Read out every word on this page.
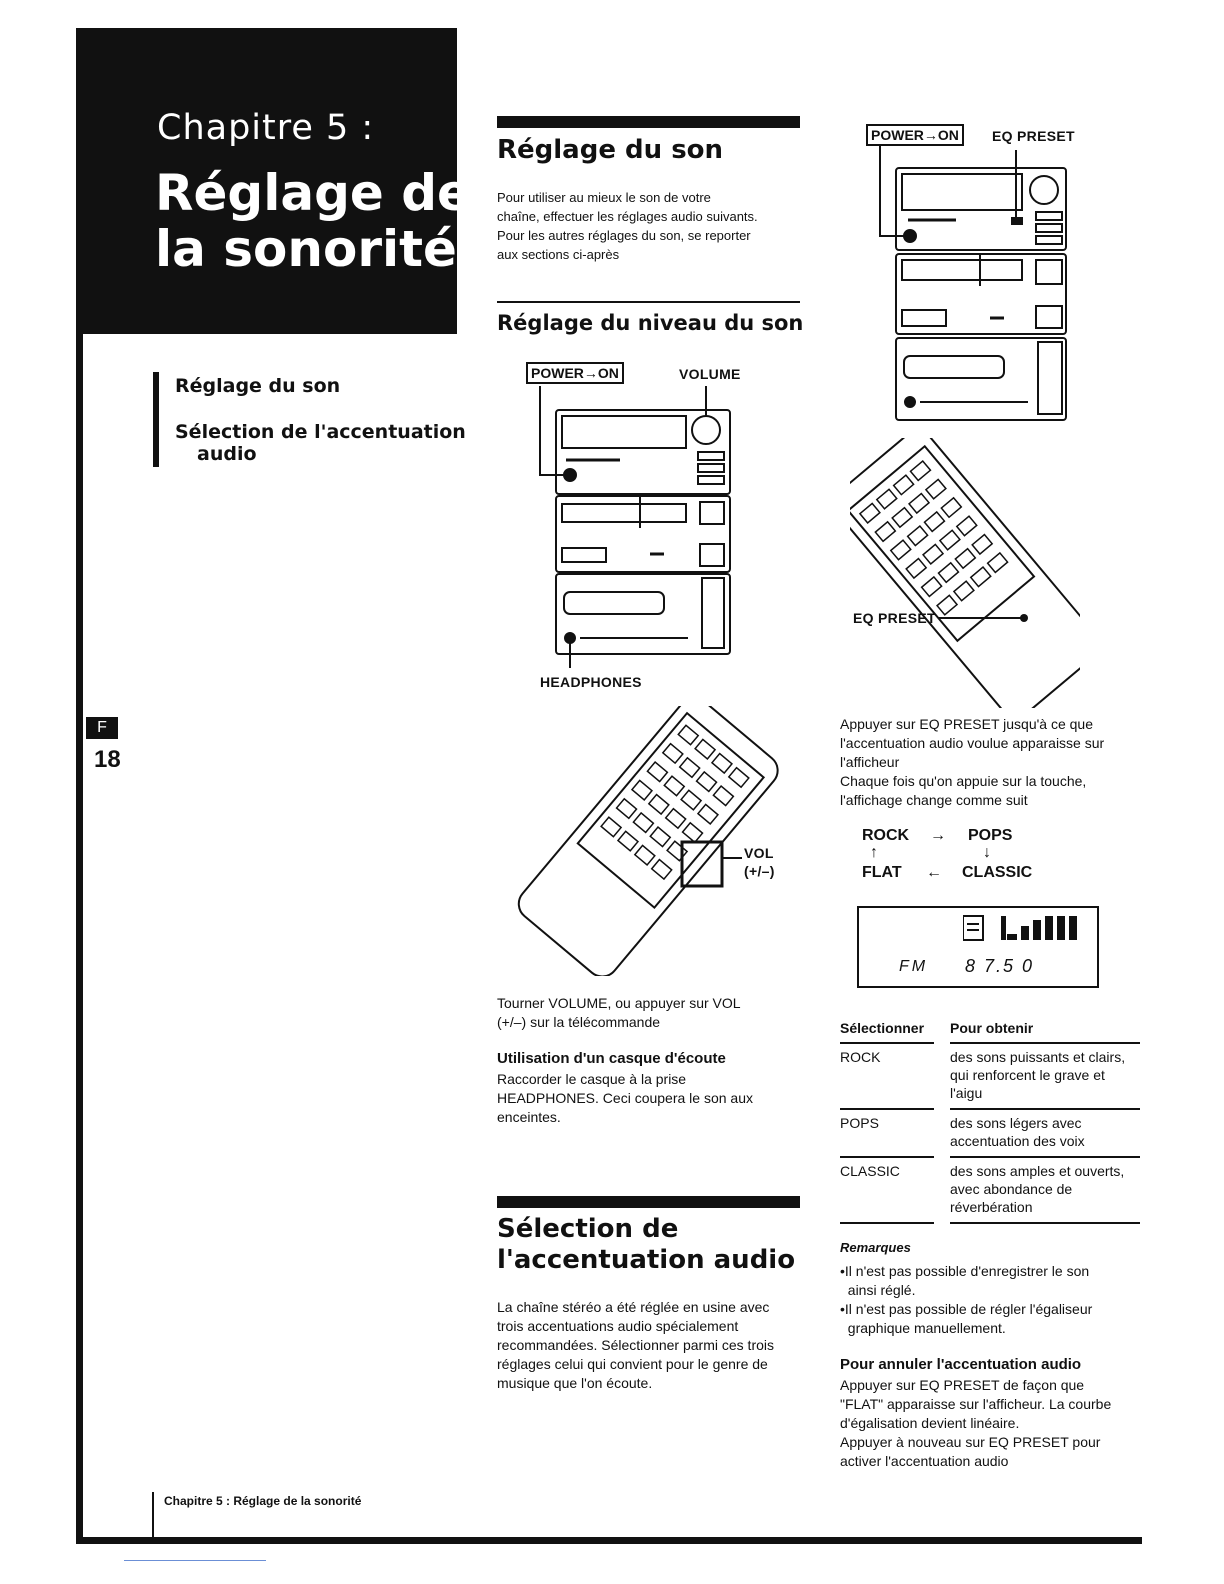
Chapitre 5 :
Réglage de
la sonorité
Réglage du son
Sélection de l'accentuation
audio
F
18
Chapitre 5 : Réglage de la sonorité
Réglage du son
Pour utiliser au mieux le son de votre
chaîne, effectuer les réglages audio suivants.
Pour les autres réglages du son, se reporter
aux sections ci-après
Réglage du niveau du son
POWER→ON	VOLUME
HEADPHONES
VOL
(+/–)
Tourner VOLUME, ou appuyer sur VOL
(+/–) sur la télécommande
Utilisation d'un casque d'écoute
Raccorder le casque à la prise
HEADPHONES. Ceci coupera le son aux
enceintes.
Sélection de
l'accentuation audio
La chaîne stéréo a été réglée en usine avec
trois accentuations audio spécialement
recommandées. Sélectionner parmi ces trois
réglages celui qui convient pour le genre de
musique que l'on écoute.
POWER→ON	EQ PRESET
EQ PRESET
Appuyer sur EQ PRESET jusqu'à ce que
l'accentuation audio voulue apparaisse sur
l'afficheur
Chaque fois qu'on appuie sur la touche,
l'affichage change comme suit
ROCK → POPS
↑	↓
FLAT ← CLASSIC
FM 8 7.5 0
Sélectionner		Pour obtenir
ROCK		des sons puissants et clairs, qui renforcent le grave et l'aigu
POPS		des sons légers avec accentuation des voix
CLASSIC		des sons amples et ouverts, avec abondance de réverbération
Remarques
•Il n'est pas possible d'enregistrer le son
ainsi réglé.
•Il n'est pas possible de régler l'égaliseur
graphique manuellement.
Pour annuler l'accentuation audio
Appuyer sur EQ PRESET de façon que
"FLAT" apparaisse sur l'afficheur. La courbe
d'égalisation devient linéaire.
Appuyer à nouveau sur EQ PRESET pour
activer l'accentuation audio
